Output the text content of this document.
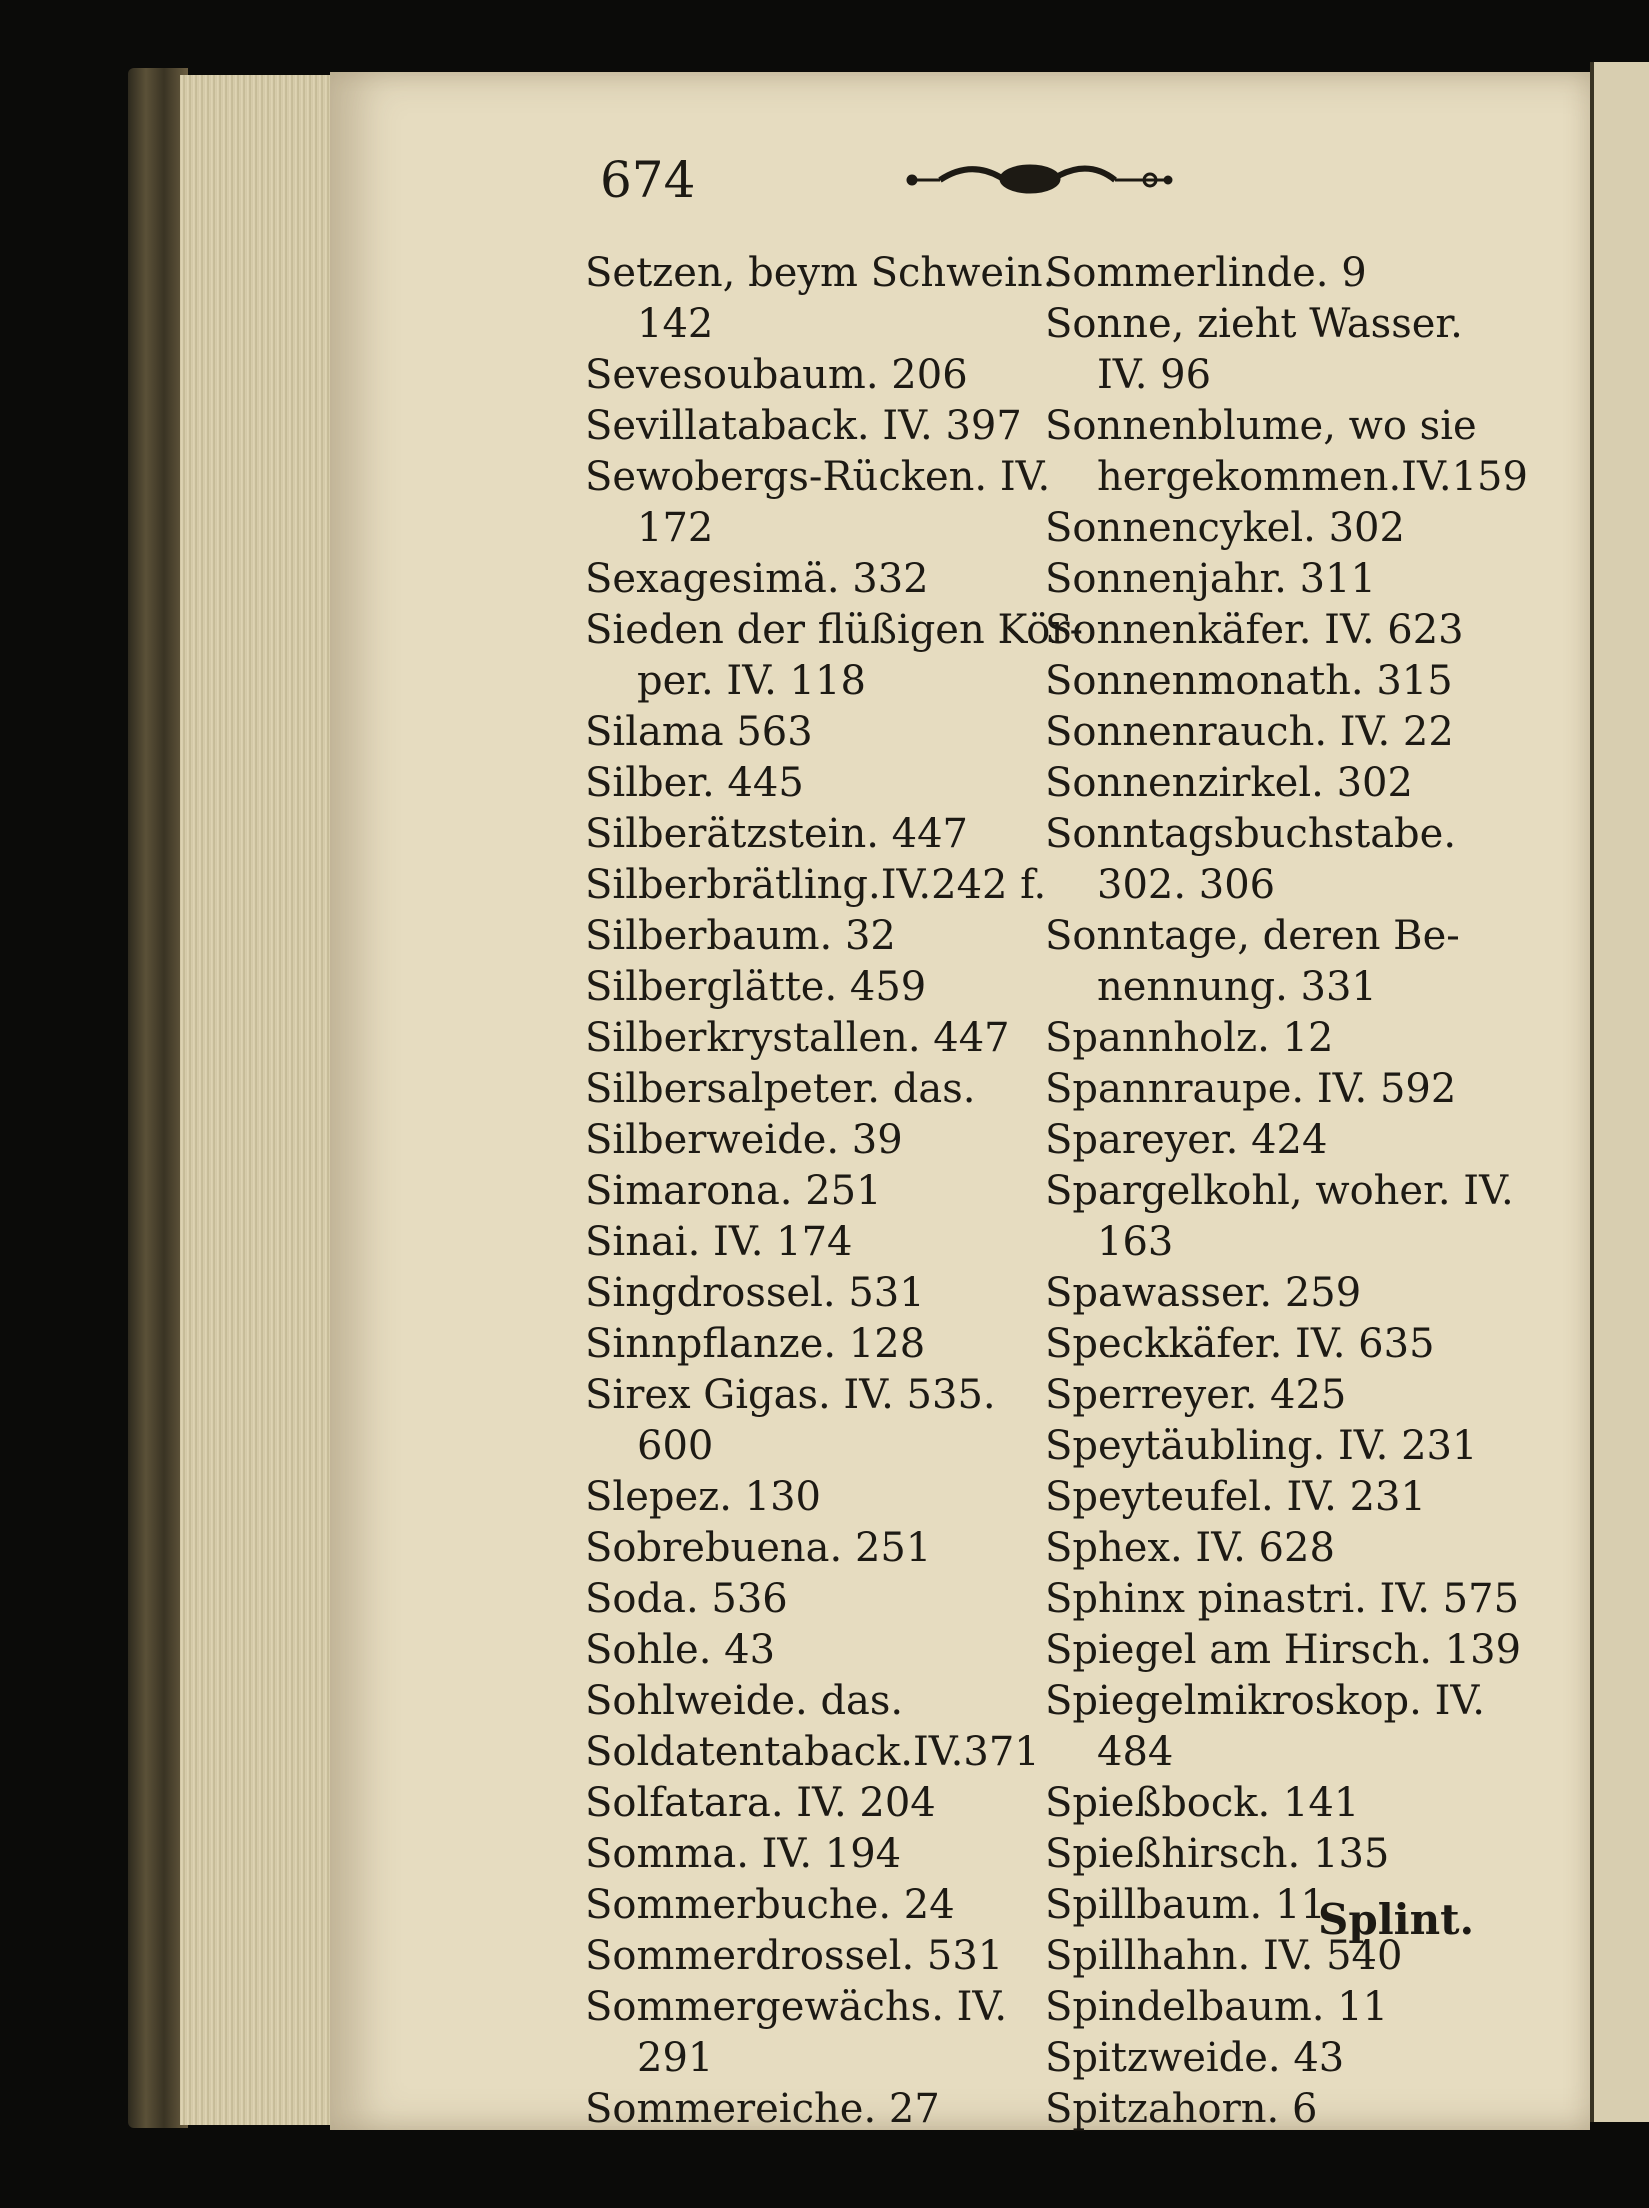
674

Setzen, beym Schwein.

142

Sevesoubaum. 206

Sevillataback. IV. 397

Sewobergs-Rücken. IV.

172

Sexagesimä. 332

Sieden der flüßigen Kör-

per. IV. 118

Silama 563

Silber. 445

Silberätzstein. 447

Silberbrätling.IV.242 f.

Silberbaum. 32

Silberglätte. 459

Silberkrystallen. 447

Silbersalpeter. das.

Silberweide. 39

Simarona. 251

Sinai. IV. 174

Singdrossel. 531

Sinnpflanze. 128

Sirex Gigas. IV. 535.

600

Slepez. 130

Sobrebuena. 251

Soda. 536

Sohle. 43

Sohlweide. das.

Soldatentaback.IV.371

Solfatara. IV. 204

Somma. IV. 194

Sommerbuche. 24

Sommerdrossel. 531

Sommergewächs. IV.

291

Sommereiche. 27

Sommerlinde. 9

Sonne, zieht Wasser.

IV. 96

Sonnenblume, wo sie

hergekommen.IV.159

Sonnencykel. 302

Sonnenjahr. 311

Sonnenkäfer. IV. 623

Sonnenmonath. 315

Sonnenrauch. IV. 22

Sonnenzirkel. 302

Sonntagsbuchstabe.

302. 306

Sonntage, deren Be-

nennung. 331

Spannholz. 12

Spannraupe. IV. 592

Spareyer. 424

Spargelkohl, woher. IV.

163

Spawasser. 259

Speckkäfer. IV. 635

Sperreyer. 425

Speytäubling. IV. 231

Speyteufel. IV. 231

Sphex. IV. 628

Sphinx pinastri. IV. 575

Spiegel am Hirsch. 139

Spiegelmikroskop. IV.

484

Spießbock. 141

Spießhirsch. 135

Spillbaum. 11

Spillhahn. IV. 540

Spindelbaum. 11

Spitzweide. 43

Spitzahorn. 6

Splint.
